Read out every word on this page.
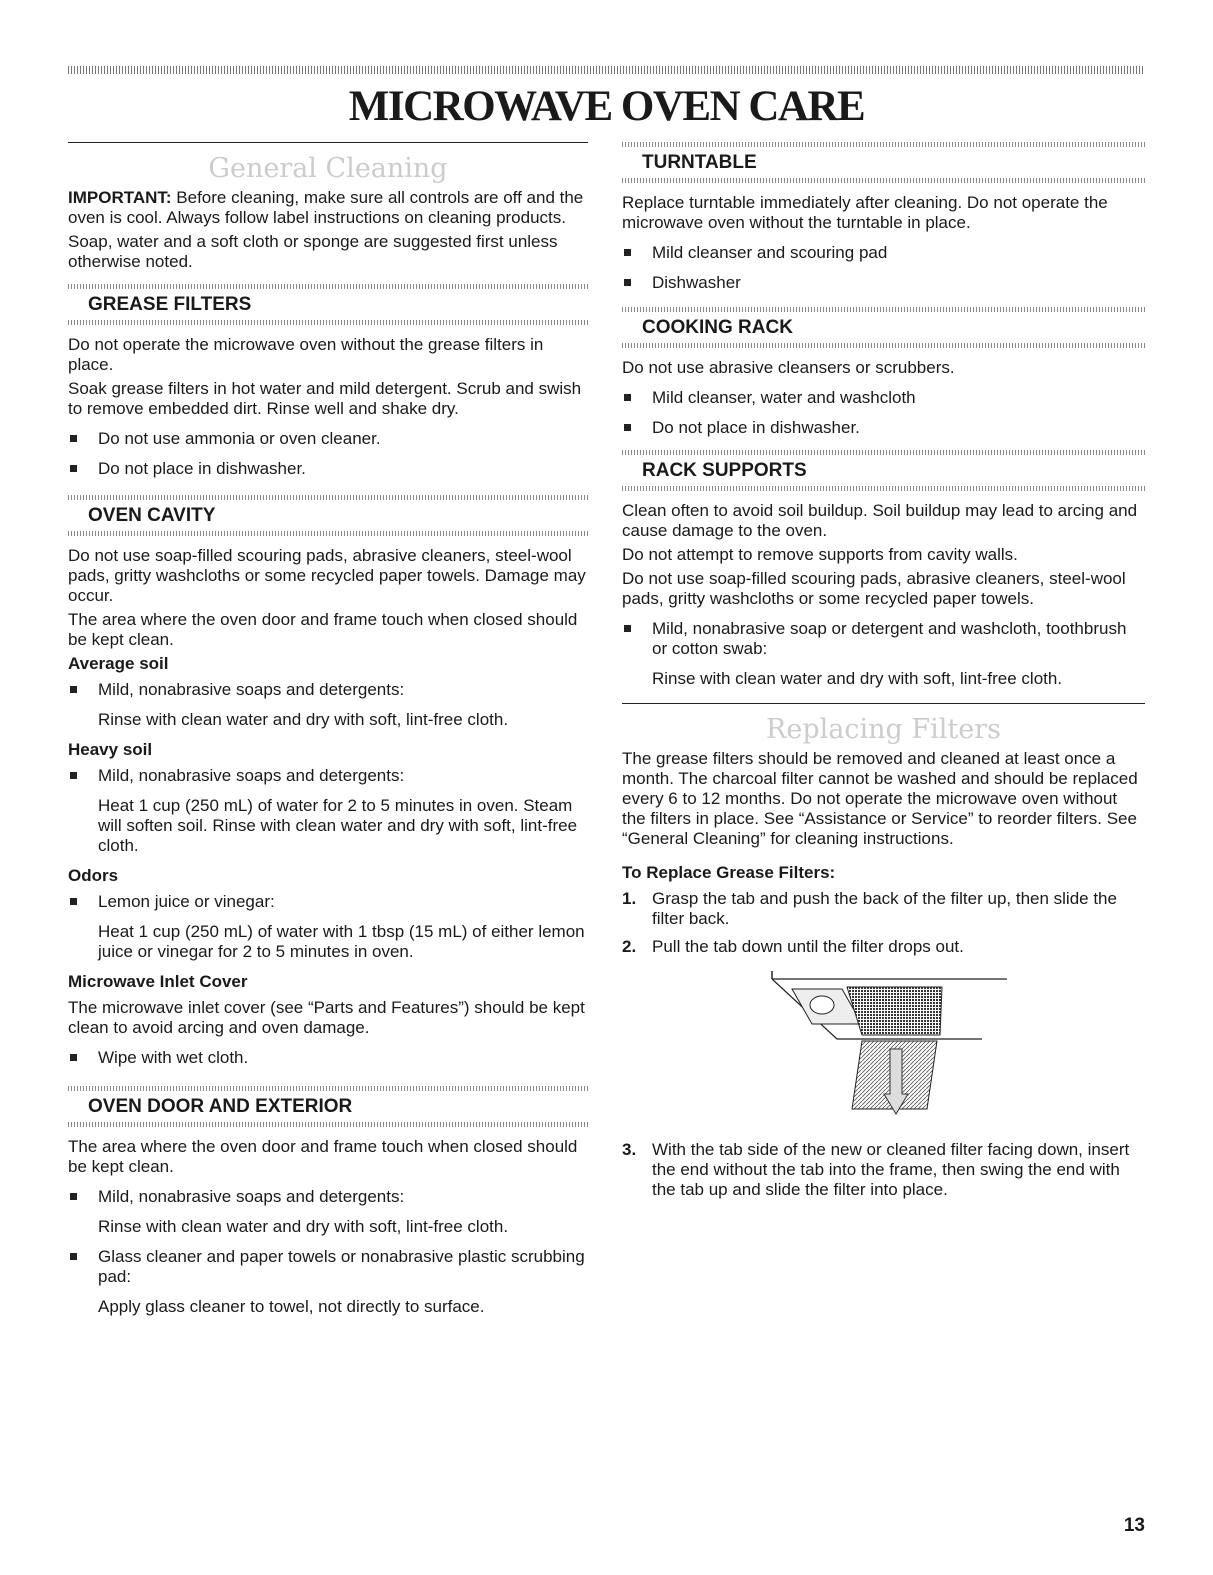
MICROWAVE OVEN CARE
General Cleaning

IMPORTANT: Before cleaning, make sure all controls are off and the oven is cool. Always follow label instructions on cleaning products.

Soap, water and a soft cloth or sponge are suggested first unless otherwise noted.

GREASE FILTERS

Do not operate the microwave oven without the grease filters in place.

Soak grease filters in hot water and mild detergent. Scrub and swish to remove embedded dirt. Rinse well and shake dry.

Do not use ammonia or oven cleaner.
Do not place in dishwasher.
OVEN CAVITY

Do not use soap-filled scouring pads, abrasive cleaners, steel-wool pads, gritty washcloths or some recycled paper towels. Damage may occur.

The area where the oven door and frame touch when closed should be kept clean.

Average soil
Mild, nonabrasive soaps and detergents:
Rinse with clean water and dry with soft, lint-free cloth.
Heavy soil
Mild, nonabrasive soaps and detergents:
Heat 1 cup (250 mL) of water for 2 to 5 minutes in oven. Steam will soften soil. Rinse with clean water and dry with soft, lint-free cloth.
Odors
Lemon juice or vinegar:
Heat 1 cup (250 mL) of water with 1 tbsp (15 mL) of either lemon juice or vinegar for 2 to 5 minutes in oven.
Microwave Inlet Cover

The microwave inlet cover (see “Parts and Features”) should be kept clean to avoid arcing and oven damage.

Wipe with wet cloth.
OVEN DOOR AND EXTERIOR

The area where the oven door and frame touch when closed should be kept clean.

Mild, nonabrasive soaps and detergents:
Rinse with clean water and dry with soft, lint-free cloth.
Glass cleaner and paper towels or nonabrasive plastic scrubbing pad:
Apply glass cleaner to towel, not directly to surface.
TURNTABLE

Replace turntable immediately after cleaning. Do not operate the microwave oven without the turntable in place.

Mild cleanser and scouring pad
Dishwasher
COOKING RACK

Do not use abrasive cleansers or scrubbers.

Mild cleanser, water and washcloth
Do not place in dishwasher.
RACK SUPPORTS

Clean often to avoid soil buildup. Soil buildup may lead to arcing and cause damage to the oven.

Do not attempt to remove supports from cavity walls.

Do not use soap-filled scouring pads, abrasive cleaners, steel-wool pads, gritty washcloths or some recycled paper towels.

Mild, nonabrasive soap or detergent and washcloth, toothbrush or cotton swab:
Rinse with clean water and dry with soft, lint-free cloth.
Replacing Filters

The grease filters should be removed and cleaned at least once a month. The charcoal filter cannot be washed and should be replaced every 6 to 12 months. Do not operate the microwave oven without the filters in place. See “Assistance or Service” to reorder filters. See “General Cleaning” for cleaning instructions.

To Replace Grease Filters:
1. Grasp the tab and push the back of the filter up, then slide the filter back.
2. Pull the tab down until the filter drops out.
3. With the tab side of the new or cleaned filter facing down, insert the end without the tab into the frame, then swing the end with the tab up and slide the filter into place.
13
